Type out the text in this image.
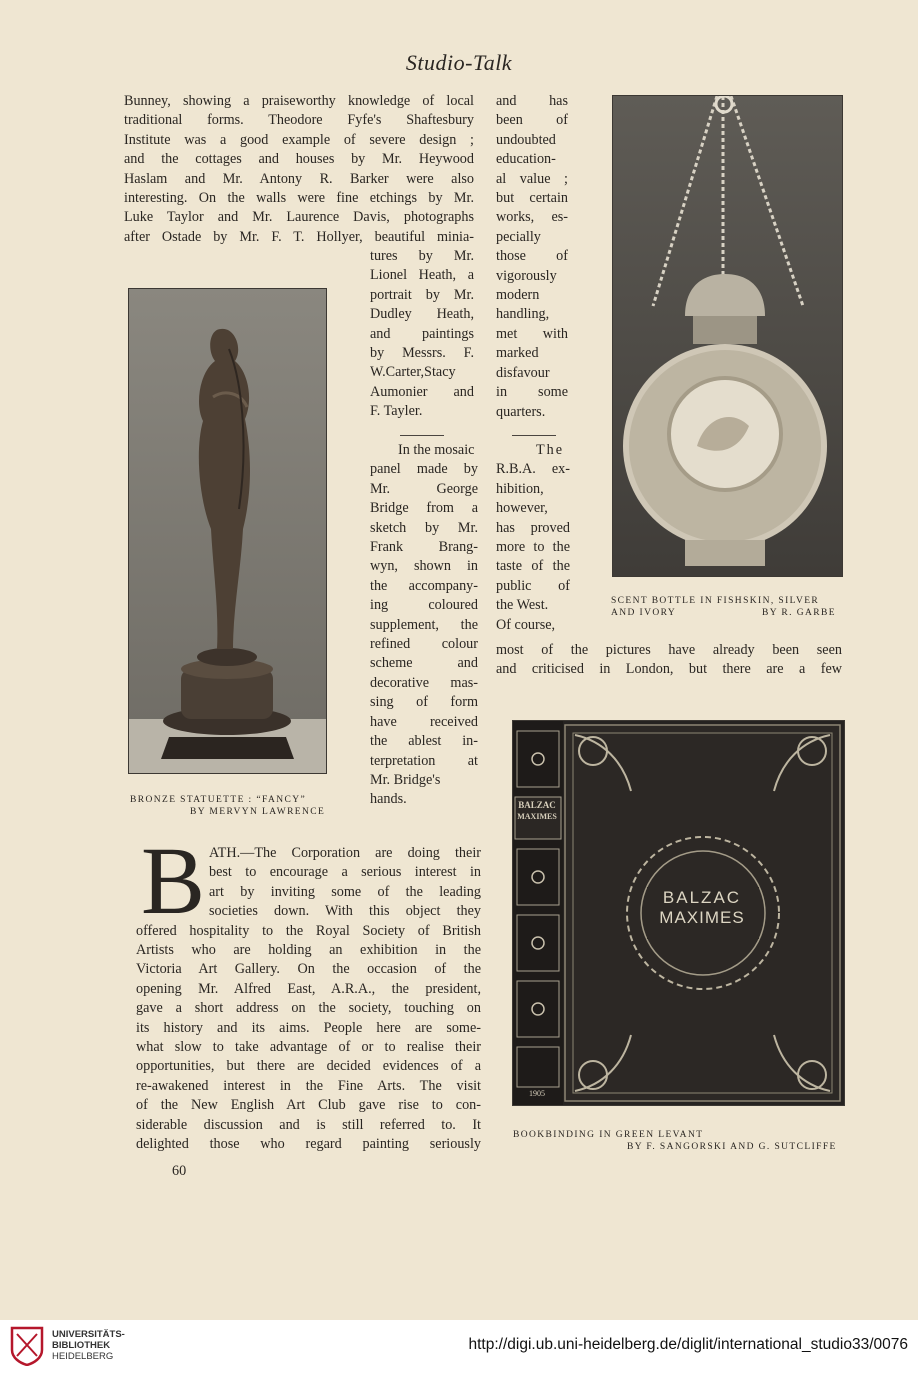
Studio-Talk
Bunney, showing a praiseworthy knowledge of local
traditional forms. Theodore Fyfe's Shaftesbury
Institute was a good example of severe design ;
and the cottages and houses by Mr. Heywood
Haslam and Mr. Antony R. Barker were also
interesting. On the walls were fine etchings by Mr.
Luke Taylor and Mr. Laurence Davis, photographs
after Ostade by Mr. F. T. Hollyer, beautiful minia-
tures by Mr.
Lionel Heath, a
portrait by Mr.
Dudley Heath,
and paintings
by Messrs. F.
W.Carter,Stacy
Aumonier and
F. Tayler.
In the mosaic
panel made by
Mr. George
Bridge from a
sketch by Mr.
Frank Brang-
wyn, shown in
the accompany-
ing coloured
supplement, the
refined colour
scheme and
decorative mas-
sing of form
have received
the ablest in-
terpretation at
Mr. Bridge's
hands.
and has
been of
undoubted
education-
al value ;
but certain
works, es-
pecially
those of
vigorously
modern
handling,
met with
marked
disfavour
in some
quarters.
The
R.B.A. ex-
hibition,
however,
has proved
more to the
taste of the
public of
the West.
Of course,
most of the pictures have already been seen
and criticised in London, but there are a few
BRONZE STATUETTE : “FANCY”
BY MERVYN LAWRENCE
SCENT BOTTLE IN FISHSKIN, SILVER
AND IVORY	BY R. GARBE
BALZAC
MAXIMES
1905
BALZAC
MAXIMES
BOOKBINDING IN GREEN LEVANT
BY F. SANGORSKI AND G. SUTCLIFFE
B ATH.—The Corporation are doing their
best to encourage a serious interest in
art by inviting some of the leading
societies down. With this object they
offered hospitality to the Royal Society of British
Artists who are holding an exhibition in the
Victoria Art Gallery. On the occasion of the
opening Mr. Alfred East, A.R.A., the president,
gave a short address on the society, touching on
its history and its aims. People here are some-
what slow to take advantage of or to realise their
opportunities, but there are decided evidences of a
re-awakened interest in the Fine Arts. The visit
of the New English Art Club gave rise to con-
siderable discussion and is still referred to. It
delighted those who regard painting seriously
60
UNIVERSITÄTS-
BIBLIOTHEK
HEIDELBERG
http://digi.ub.uni-heidelberg.de/diglit/international_studio33/0076
